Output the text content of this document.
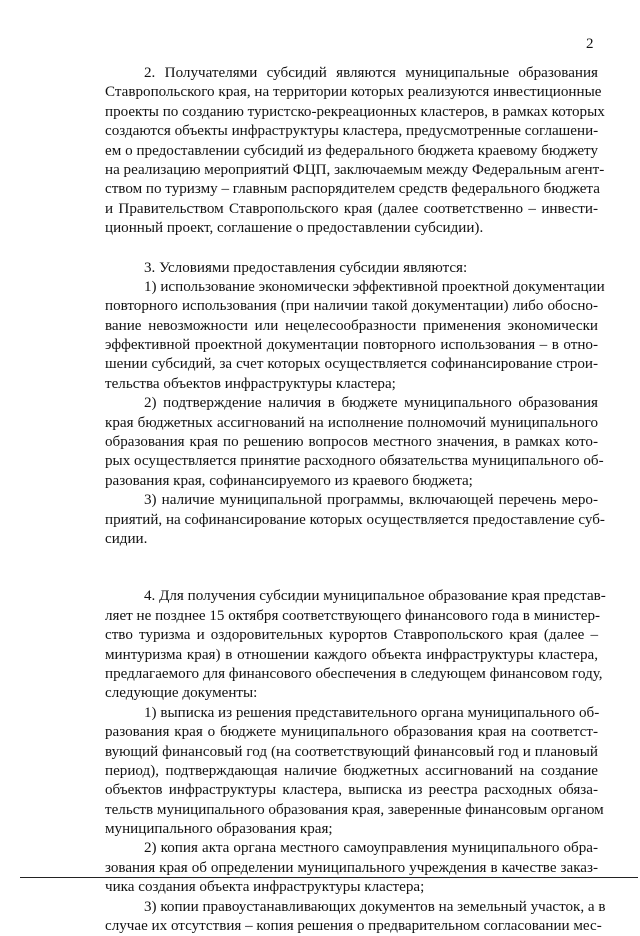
2
2. Получателями субсидий являются муниципальные образования
Ставропольского края, на территории которых реализуются инвестиционные
проекты по созданию туристско-рекреационных кластеров, в рамках которых
создаются объекты инфраструктуры кластера, предусмотренные соглашени-
ем о предоставлении субсидий из федерального бюджета краевому бюджету
на реализацию мероприятий ФЦП, заключаемым между Федеральным агент-
ством по туризму – главным распорядителем средств федерального бюджета
и Правительством Ставропольского края (далее соответственно – инвести-
ционный проект, соглашение о предоставлении субсидии).
3. Условиями предоставления субсидии являются:
1) использование экономически эффективной проектной документации
повторного использования (при наличии такой документации) либо обосно-
вание невозможности или нецелесообразности применения экономически
эффективной проектной документации повторного использования – в отно-
шении субсидий, за счет которых осуществляется софинансирование строи-
тельства объектов инфраструктуры кластера;
2) подтверждение наличия в бюджете муниципального образования
края бюджетных ассигнований на исполнение полномочий муниципального
образования края по решению вопросов местного значения, в рамках кото-
рых осуществляется принятие расходного обязательства муниципального об-
разования края, софинансируемого из краевого бюджета;
3) наличие муниципальной программы, включающей перечень меро-
приятий, на софинансирование которых осуществляется предоставление суб-
сидии.
4. Для получения субсидии муниципальное образование края представ-
ляет не позднее 15 октября соответствующего финансового года в министер-
ство туризма и оздоровительных курортов Ставропольского края (далее –
минтуризма края) в отношении каждого объекта инфраструктуры кластера,
предлагаемого для финансового обеспечения в следующем финансовом году,
следующие документы:
1) выписка из решения представительного органа муниципального об-
разования края о бюджете муниципального образования края на соответст-
вующий финансовый год (на соответствующий финансовый год и плановый
период), подтверждающая наличие бюджетных ассигнований на создание
объектов инфраструктуры кластера, выписка из реестра расходных обяза-
тельств муниципального образования края, заверенные финансовым органом
муниципального образования края;
2) копия акта органа местного самоуправления муниципального обра-
зования края об определении муниципального учреждения в качестве заказ-
чика создания объекта инфраструктуры кластера;
3) копии правоустанавливающих документов на земельный участок, а в
случае их отсутствия – копия решения о предварительном согласовании мес-
